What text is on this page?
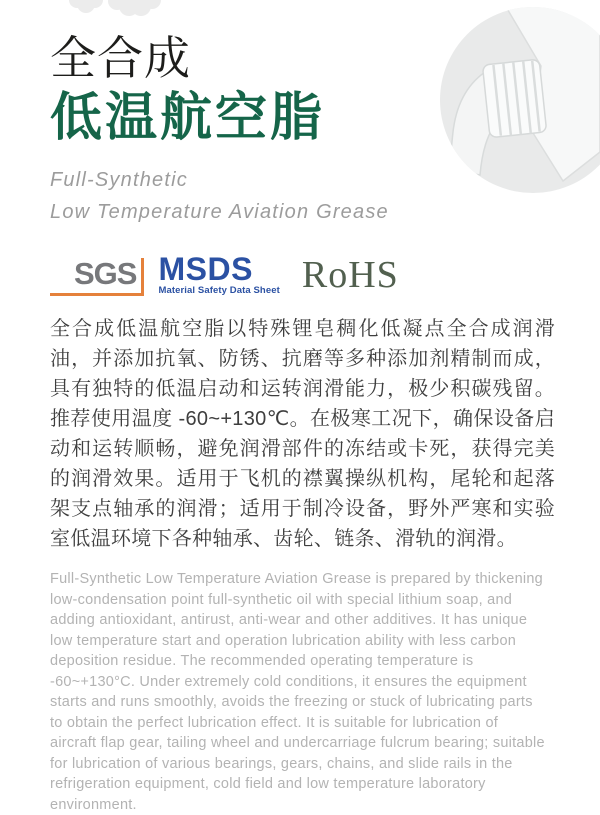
全合成
低温航空脂
Full-Synthetic
Low Temperature Aviation Grease
SGS MSDS
Material Safety Data Sheet RoHS

全合成低温航空脂以特殊锂皂稠化低凝点全合成润滑油，并添加抗氧、防锈、抗磨等多种添加剂精制而成，具有独特的低温启动和运转润滑能力，极少积碳残留。推荐使用温度 -60~+130℃。在极寒工况下，确保设备启动和运转顺畅，避免润滑部件的冻结或卡死，获得完美的润滑效果。适用于飞机的襟翼操纵机构，尾轮和起落架支点轴承的润滑；适用于制冷设备，野外严寒和实验室低温环境下各种轴承、齿轮、链条、滑轨的润滑。

Full-Synthetic Low Temperature Aviation Grease is prepared by thickening low-condensation point full-synthetic oil with special lithium soap, and adding antioxidant, antirust, anti-wear and other additives. It has unique low temperature start and operation lubrication ability with less carbon deposition residue. The recommended operating temperature is -60~+130°C. Under extremely cold conditions, it ensures the equipment starts and runs smoothly, avoids the freezing or stuck of lubricating parts to obtain the perfect lubrication effect. It is suitable for lubrication of aircraft flap gear, tailing wheel and undercarriage fulcrum bearing; suitable for lubrication of various bearings, gears, chains, and slide rails in the refrigeration equipment, cold field and low temperature laboratory environment.
